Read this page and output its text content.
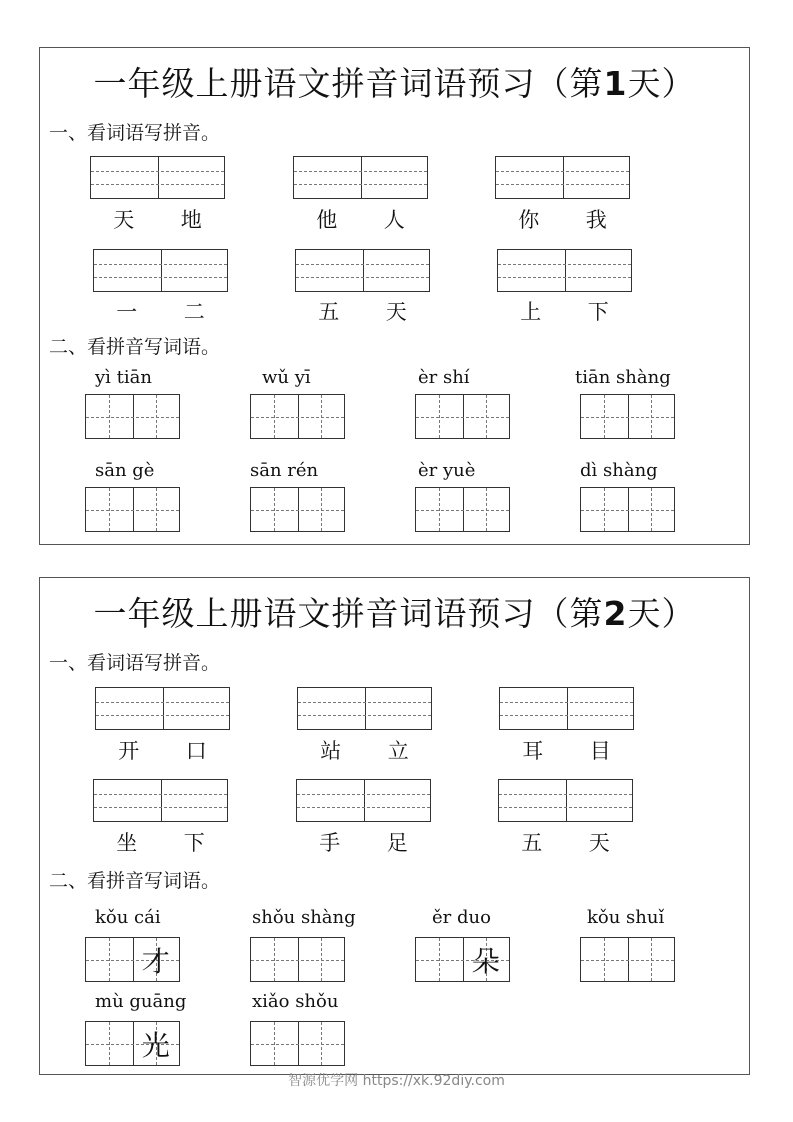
一年级上册语文拼音词语预习（第1天）
一、看词语写拼音。
天	地	他	人	你	我
一	二	五	天	上	下
二、看拼音写词语。
yì tiān	wǔ yī	èr shí	tiān shàng
sān gè	sān rén	èr yuè	dì shàng
一年级上册语文拼音词语预习（第2天）
一、看词语写拼音。
开	口	站	立	耳	目
坐	下	手	足	五	天
二、看拼音写词语。
kǒu cái
才
shǒu shàng	ěr duo
朵
kǒu shuǐ
mù guāng
光
xiǎo shǒu
智源优学网 https://xk.92diy.com
